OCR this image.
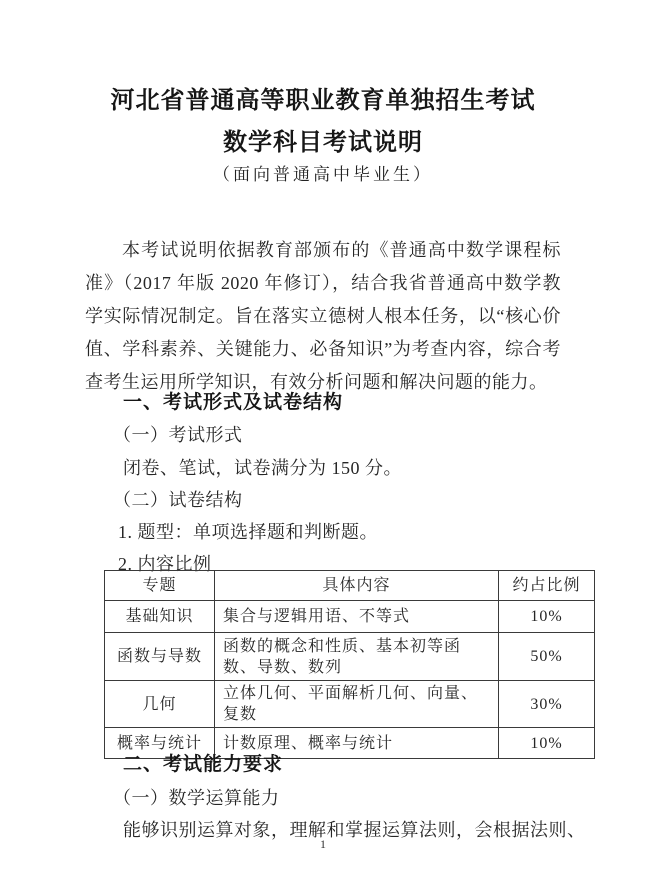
河北省普通高等职业教育单独招生考试
数学科目考试说明
（面向普通高中毕业生）
本考试说明依据教育部颁布的《普通高中数学课程标准》（2017 年版 2020 年修订），结合我省普通高中数学教学实际情况制定。旨在落实立德树人根本任务，以“核心价值、学科素养、关键能力、必备知识”为考查内容，综合考查考生运用所学知识，有效分析问题和解决问题的能力。
一、考试形式及试卷结构
（一）考试形式
闭卷、笔试，试卷满分为 150 分。
（二）试卷结构
1. 题型：单项选择题和判断题。
2. 内容比例
专题	具体内容	约占比例
基础知识	集合与逻辑用语、不等式	10%
函数与导数	函数的概念和性质、基本初等函数、导数、数列	50%
几何	立体几何、平面解析几何、向量、复数	30%
概率与统计	计数原理、概率与统计	10%
二、考试能力要求
（一）数学运算能力
能够识别运算对象，理解和掌握运算法则，会根据法则、
1
